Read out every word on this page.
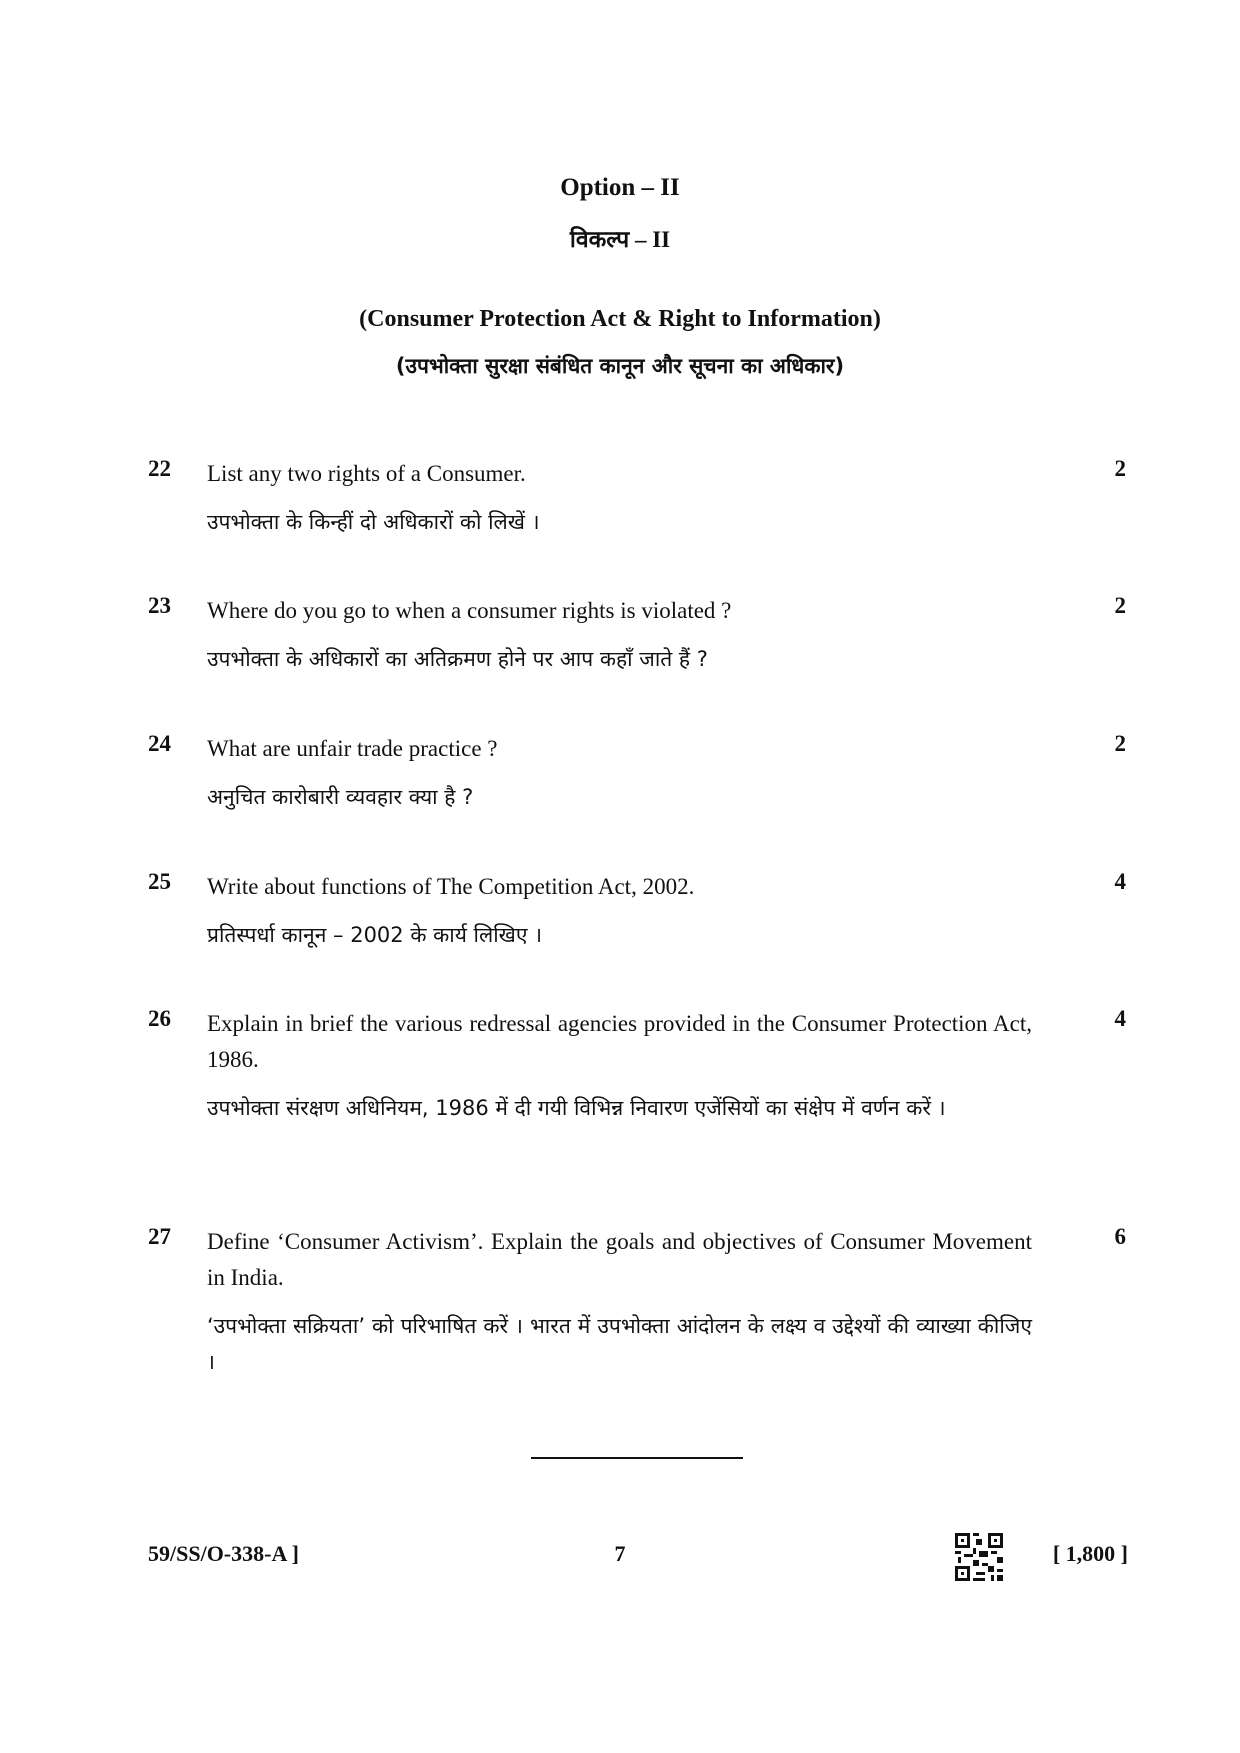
Option – II
विकल्प – II
(Consumer Protection Act & Right to Information)
(उपभोक्ता सुरक्षा संबंधित कानून और सूचना का अधिकार)
22 List any two rights of a Consumer.

उपभोक्ता के किन्हीं दो अधिकारों को लिखें ।

2
23 Where do you go to when a consumer rights is violated ?

उपभोक्ता के अधिकारों का अतिक्रमण होने पर आप कहाँ जाते हैं ?

2
24 What are unfair trade practice ?

अनुचित कारोबारी व्यवहार क्या है ?

2
25 Write about functions of The Competition Act, 2002.

प्रतिस्पर्धा कानून – 2002 के कार्य लिखिए ।

4
26 Explain in brief the various redressal agencies provided in the Consumer Protection Act, 1986.

उपभोक्ता संरक्षण अधिनियम, 1986 में दी गयी विभिन्न निवारण एजेंसियों का संक्षेप में वर्णन करें ।

4
27 Define ‘Consumer Activism’. Explain the goals and objectives of Consumer Movement in India.

‘उपभोक्ता सक्रियता’ को परिभाषित करें । भारत में उपभोक्ता आंदोलन के लक्ष्य व उद्देश्यों की व्याख्या कीजिए ।

6
59/SS/O-338-A ]	7	[ 1,800 ]
